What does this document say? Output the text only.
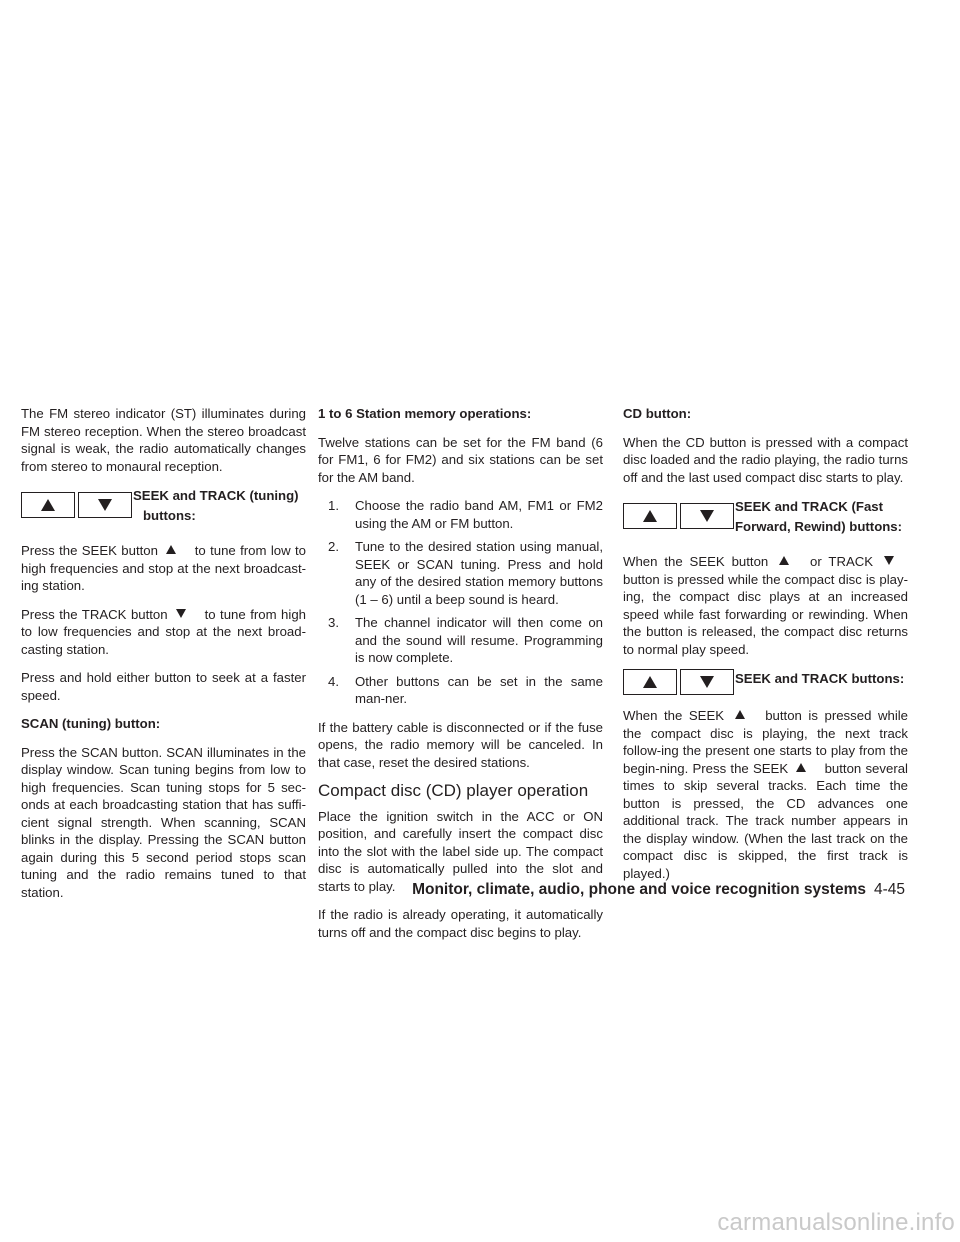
The FM stereo indicator (ST) illuminates during FM stereo reception. When the stereo broadcast signal is weak, the radio automatically changes from stereo to monaural reception.

SEEK and TRACK (tuning)
buttons:

Press the SEEK button	to tune from low to high frequencies and stop at the next broadcast-ing station.

Press the TRACK button	to tune from high to low frequencies and stop at the next broad-casting station.

Press and hold either button to seek at a faster speed.

SCAN (tuning) button:

Press the SCAN button. SCAN illuminates in the display window. Scan tuning begins from low to high frequencies. Scan tuning stops for 5 sec-onds at each broadcasting station that has suffi-cient signal strength. When scanning, SCAN blinks in the display. Pressing the SCAN button again during this 5 second period stops scan tuning and the radio remains tuned to that station.

1 to 6 Station memory operations:

Twelve stations can be set for the FM band (6 for FM1, 6 for FM2) and six stations can be set for the AM band.

1. Choose the radio band AM, FM1 or FM2 using the AM or FM button.
2. Tune to the desired station using manual, SEEK or SCAN tuning. Press and hold any of the desired station memory buttons (1 – 6) until a beep sound is heard.
3. The channel indicator will then come on and the sound will resume. Programming is now complete.
4. Other buttons can be set in the same man-ner.

If the battery cable is disconnected or if the fuse opens, the radio memory will be canceled. In that case, reset the desired stations.

Compact disc (CD) player operation

Place the ignition switch in the ACC or ON position, and carefully insert the compact disc into the slot with the label side up. The compact disc is automatically pulled into the slot and starts to play.

If the radio is already operating, it automatically turns off and the compact disc begins to play.

CD button:

When the CD button is pressed with a compact disc loaded and the radio playing, the radio turns off and the last used compact disc starts to play.

SEEK and TRACK (Fast
Forward, Rewind) buttons:

When the SEEK button	or TRACK  button is pressed while the compact disc is play-ing, the compact disc plays at an increased speed while fast forwarding or rewinding. When the button is released, the compact disc returns to normal play speed.

SEEK and TRACK buttons:

When the SEEK	button is pressed while the compact disc is playing, the next track follow-ing the present one starts to play from the begin-ning. Press the SEEK	button several times to skip several tracks. Each time the button is pressed, the CD advances one additional track. The track number appears in the display window. (When the last track on the compact disc is skipped, the first track is played.)

Monitor, climate, audio, phone and voice recognition systems 4-45
carmanualsonline.info
